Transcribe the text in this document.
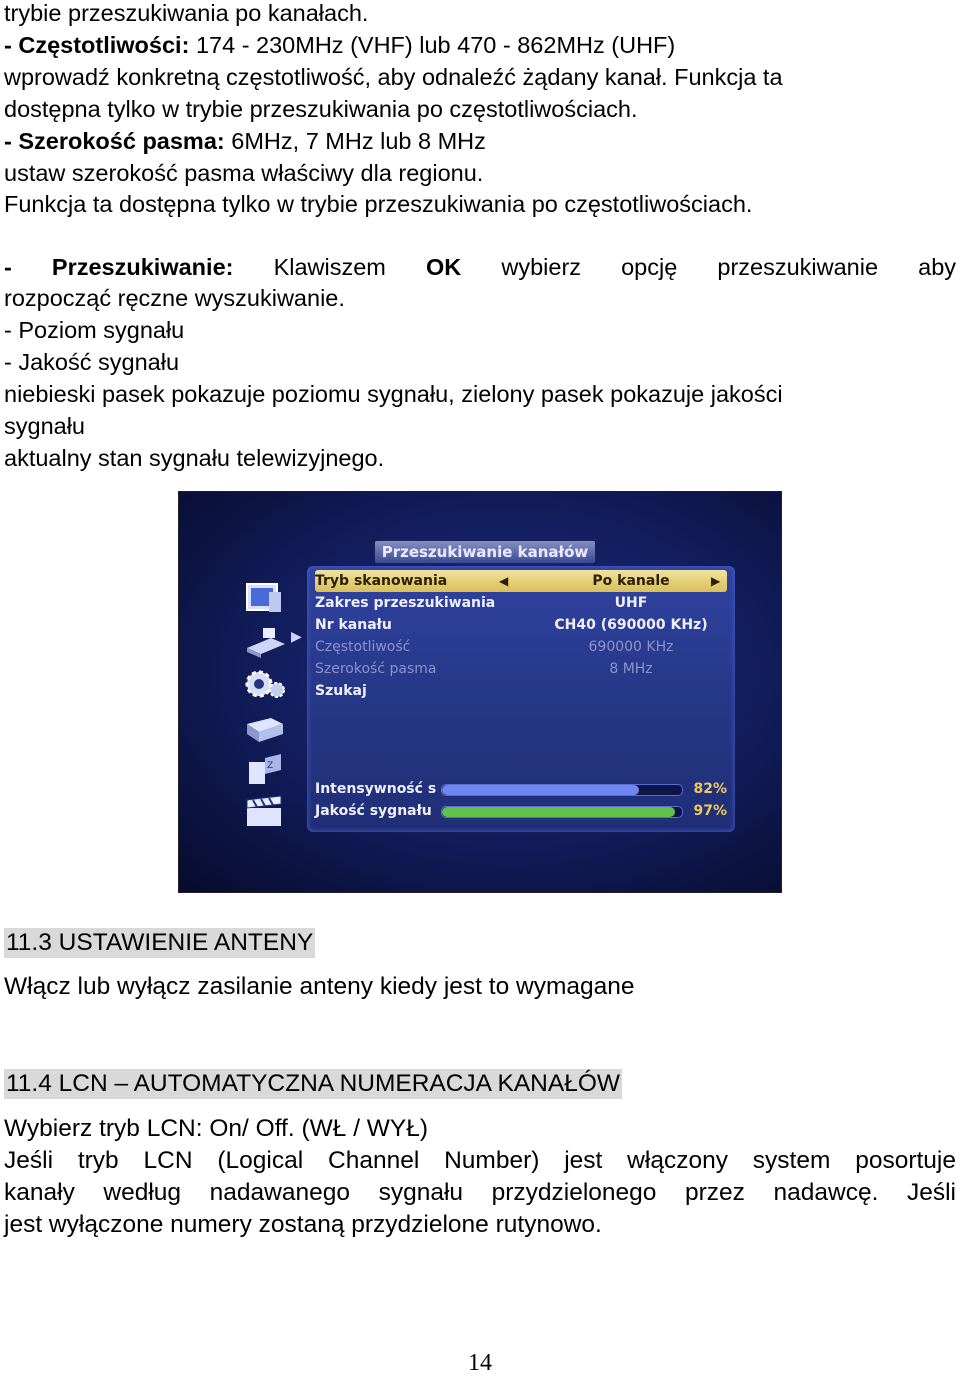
trybie przeszukiwania po kanałach.
- Częstotliwości: 174 - 230MHz (VHF) lub 470 - 862MHz (UHF)
wprowadź konkretną częstotliwość, aby odnaleźć żądany kanał. Funkcja ta
dostępna tylko w trybie przeszukiwania po częstotliwościach.
- Szerokość pasma: 6MHz, 7 MHz lub 8 MHz
ustaw szerokość pasma właściwy dla regionu.
Funkcja ta dostępna tylko w trybie przeszukiwania po częstotliwościach.
- Przeszukiwanie: Klawiszem OK wybierz opcję przeszukiwanie aby
rozpocząć ręczne wyszukiwanie.
- Poziom sygnału
- Jakość sygnału
niebieski pasek pokazuje poziomu sygnału, zielony pasek pokazuje jakości
sygnału
aktualny stan sygnału telewizyjnego.
Przeszukiwanie kanałów
Z
▶
Tryb skanowania	◀	Po kanale	▶
Zakres przeszukiwania	UHF
Nr kanału	CH40 (690000 KHz)
Częstotliwość	690000 KHz
Szerokość pasma	8 MHz
Szukaj
Intensywność s	82%
Jakość sygnału	97%
11.3 USTAWIENIE ANTENY
Włącz lub wyłącz zasilanie anteny kiedy jest to wymagane
11.4 LCN – AUTOMATYCZNA NUMERACJA KANAŁÓW
Wybierz tryb LCN: On/ Off. (WŁ / WYŁ)
Jeśli tryb LCN (Logical Channel Number) jest włączony system posortuje
kanały według nadawanego sygnału przydzielonego przez nadawcę. Jeśli
jest wyłączone numery zostaną przydzielone rutynowo.
14
